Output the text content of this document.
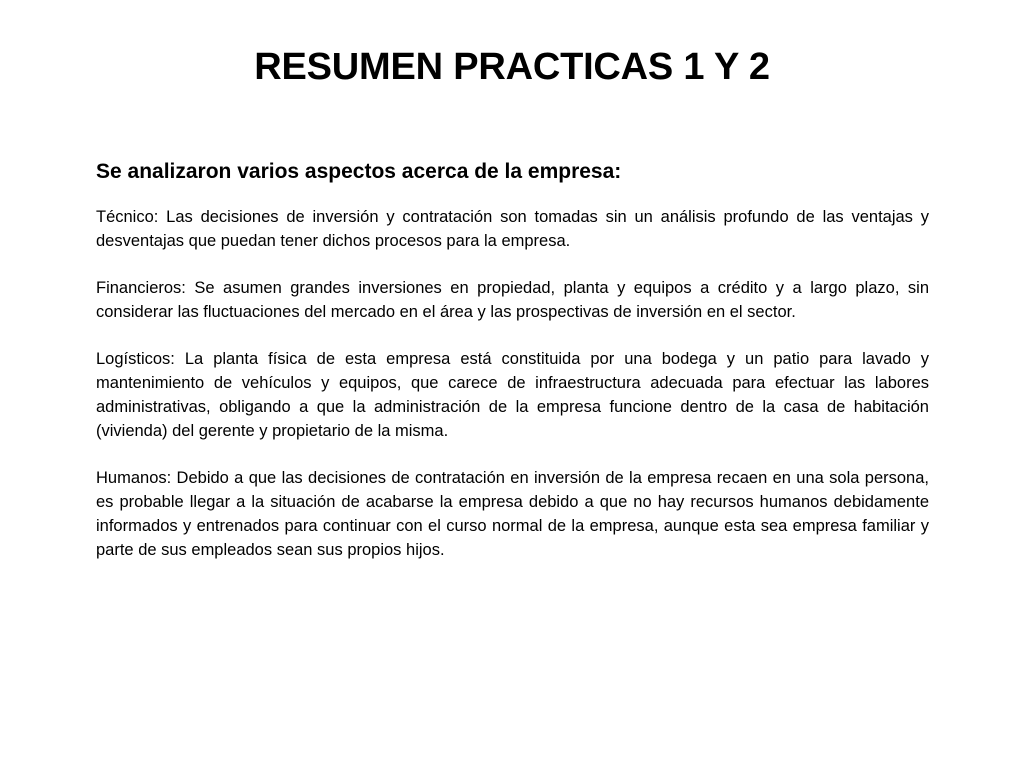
RESUMEN PRACTICAS 1 Y 2

Se analizaron varios aspectos acerca de la empresa:

Técnico: Las decisiones de inversión y contratación son tomadas sin un análisis profundo de las ventajas y desventajas que puedan tener dichos procesos para la empresa.

Financieros: Se asumen grandes inversiones en propiedad, planta y equipos a crédito y a largo plazo, sin considerar las fluctuaciones del mercado en el área y las prospectivas de inversión en el sector.

Logísticos: La planta física de esta empresa está constituida por una bodega y un patio para lavado y mantenimiento de vehículos y equipos, que carece de infraestructura adecuada para efectuar las labores administrativas, obligando a que la administración de la empresa funcione dentro de la casa de habitación (vivienda) del gerente y propietario de la misma.

Humanos: Debido a que las decisiones de contratación en inversión de la empresa recaen en una sola persona, es probable llegar a la situación de acabarse la empresa debido a que no hay recursos humanos debidamente informados y entrenados para continuar con el curso normal de la empresa, aunque esta sea empresa familiar y parte de sus empleados sean sus propios hijos.
